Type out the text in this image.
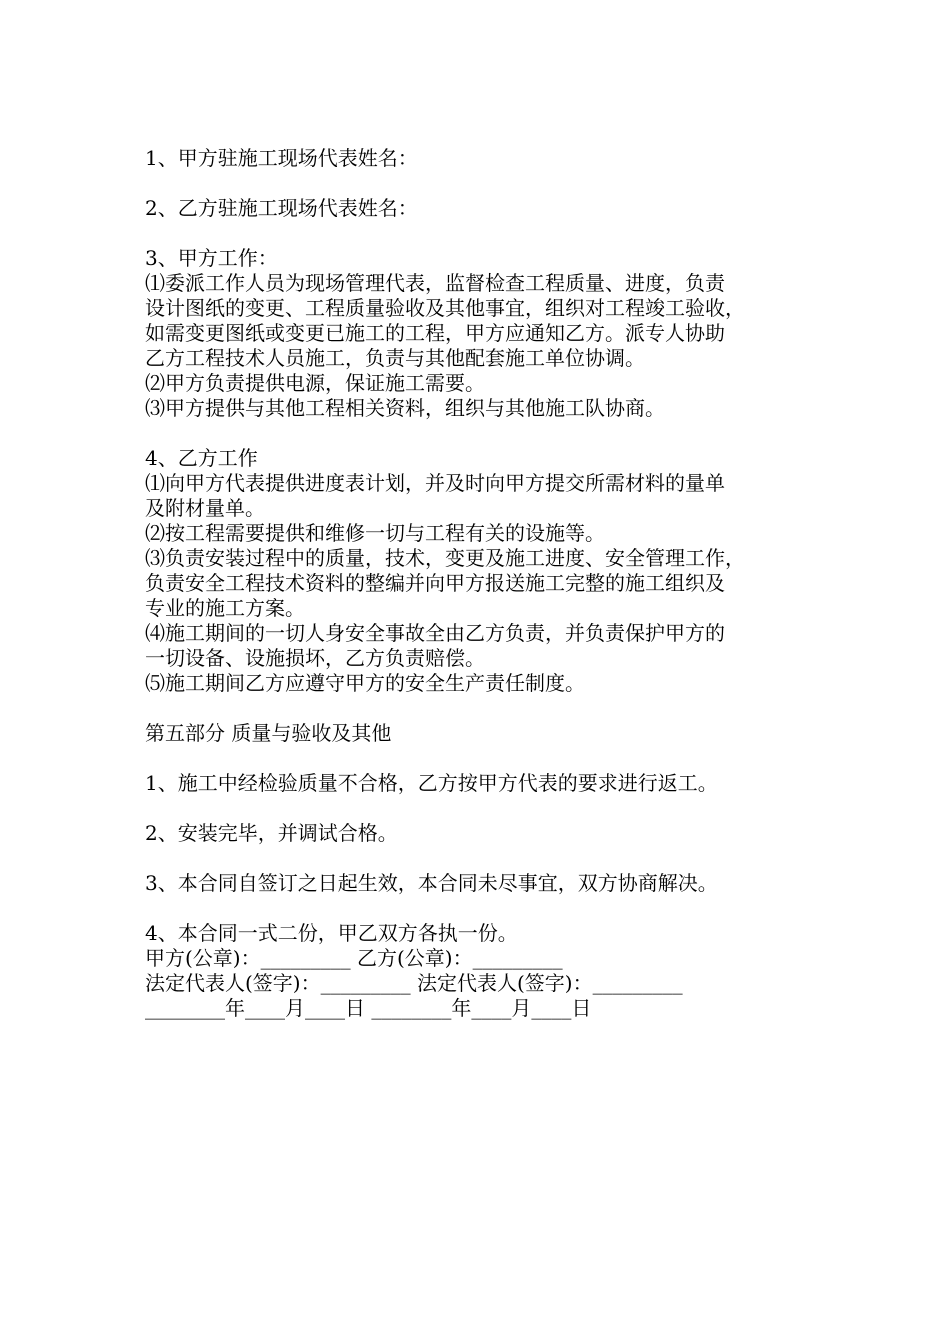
1、甲方驻施工现场代表姓名：
2、乙方驻施工现场代表姓名：
3、甲方工作：
⑴委派工作人员为现场管理代表，监督检查工程质量、进度，负责
设计图纸的变更、工程质量验收及其他事宜，组织对工程竣工验收，
如需变更图纸或变更已施工的工程，甲方应通知乙方。派专人协助
乙方工程技术人员施工，负责与其他配套施工单位协调。
⑵甲方负责提供电源，保证施工需要。
⑶甲方提供与其他工程相关资料，组织与其他施工队协商。
4、乙方工作
⑴向甲方代表提供进度表计划，并及时向甲方提交所需材料的量单
及附材量单。
⑵按工程需要提供和维修一切与工程有关的设施等。
⑶负责安装过程中的质量，技术，变更及施工进度、安全管理工作，
负责安全工程技术资料的整编并向甲方报送施工完整的施工组织及
专业的施工方案。
⑷施工期间的一切人身安全事故全由乙方负责，并负责保护甲方的
一切设备、设施损坏，乙方负责赔偿。
⑸施工期间乙方应遵守甲方的安全生产责任制度。
第五部分 质量与验收及其他
1、施工中经检验质量不合格，乙方按甲方代表的要求进行返工。
2、安装完毕，并调试合格。
3、本合同自签订之日起生效，本合同未尽事宜，双方协商解决。
4、本合同一式二份，甲乙双方各执一份。
甲方(公章)：_________ 乙方(公章)：_________
法定代表人(签字)：_________ 法定代表人(签字)：_________
________年____月____日 ________年____月____日
